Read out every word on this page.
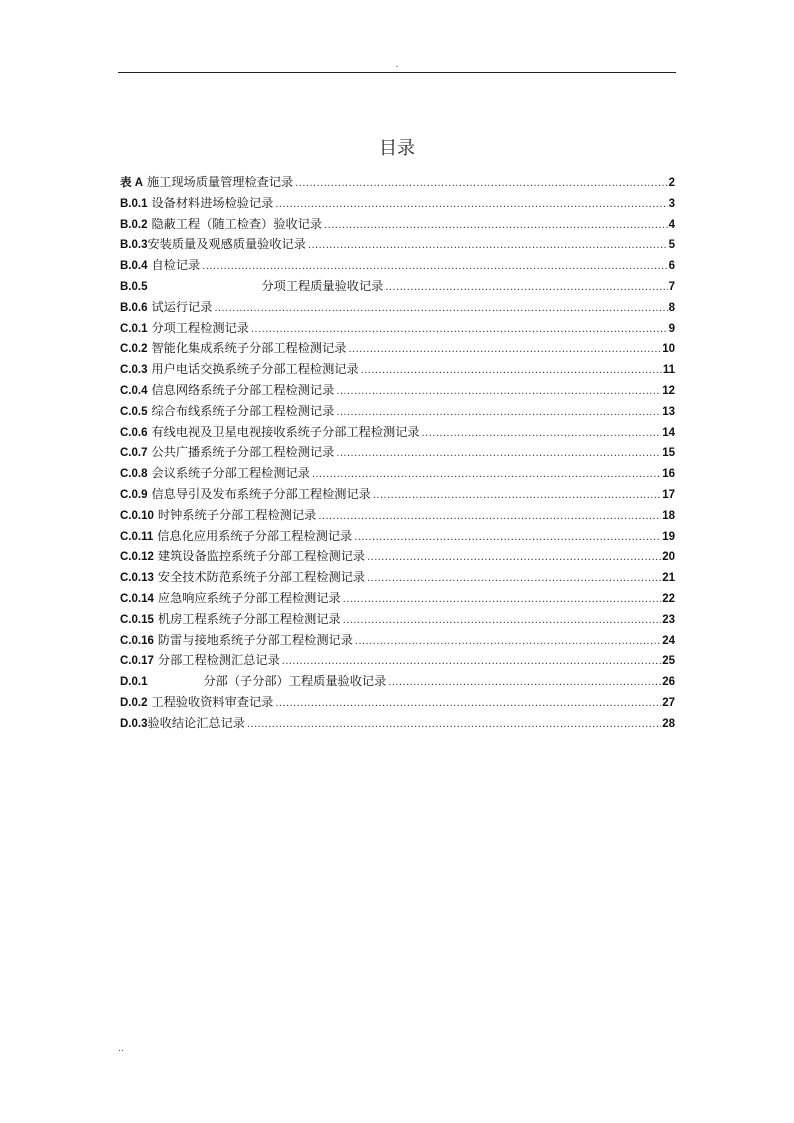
.
目录
表 A 施工现场质量管理检查记录 .....	2
B.0.1 设备材料进场检验记录 .....	3
B.0.2 隐蔽工程（随工检查）验收记录 .....	4
B.0.3 安装质量及观感质量验收记录 .....	5
B.0.4 自检记录 .....	6
B.0.5	分项工程质量验收记录 .....	7
B.0.6 试运行记录 .....	8
C.0.1 分项工程检测记录 .....	9
C.0.2 智能化集成系统子分部工程检测记录 .....	10
C.0.3 用户电话交换系统子分部工程检测记录 .....	11
C.0.4 信息网络系统子分部工程检测记录 .....	12
C.0.5 综合布线系统子分部工程检测记录 .....	13
C.0.6 有线电视及卫星电视接收系统子分部工程检测记录 .....	14
C.0.7 公共广播系统子分部工程检测记录 .....	15
C.0.8 会议系统子分部工程检测记录 .....	16
C.0.9 信息导引及发布系统子分部工程检测记录 .....	17
C.0.10 时钟系统子分部工程检测记录 .....	18
C.0.11 信息化应用系统子分部工程检测记录 .....	19
C.0.12 建筑设备监控系统子分部工程检测记录 .....	20
C.0.13 安全技术防范系统子分部工程检测记录 .....	21
C.0.14 应急响应系统子分部工程检测记录 .....	22
C.0.15 机房工程系统子分部工程检测记录 .....	23
C.0.16 防雷与接地系统子分部工程检测记录 .....	24
C.0.17 分部工程检测汇总记录 .....	25
D.0.1	分部（子分部）工程质量验收记录 .....	26
D.0.2 工程验收资料审查记录 .....	27
D.0.3 验收结论汇总记录 .....	28
..
